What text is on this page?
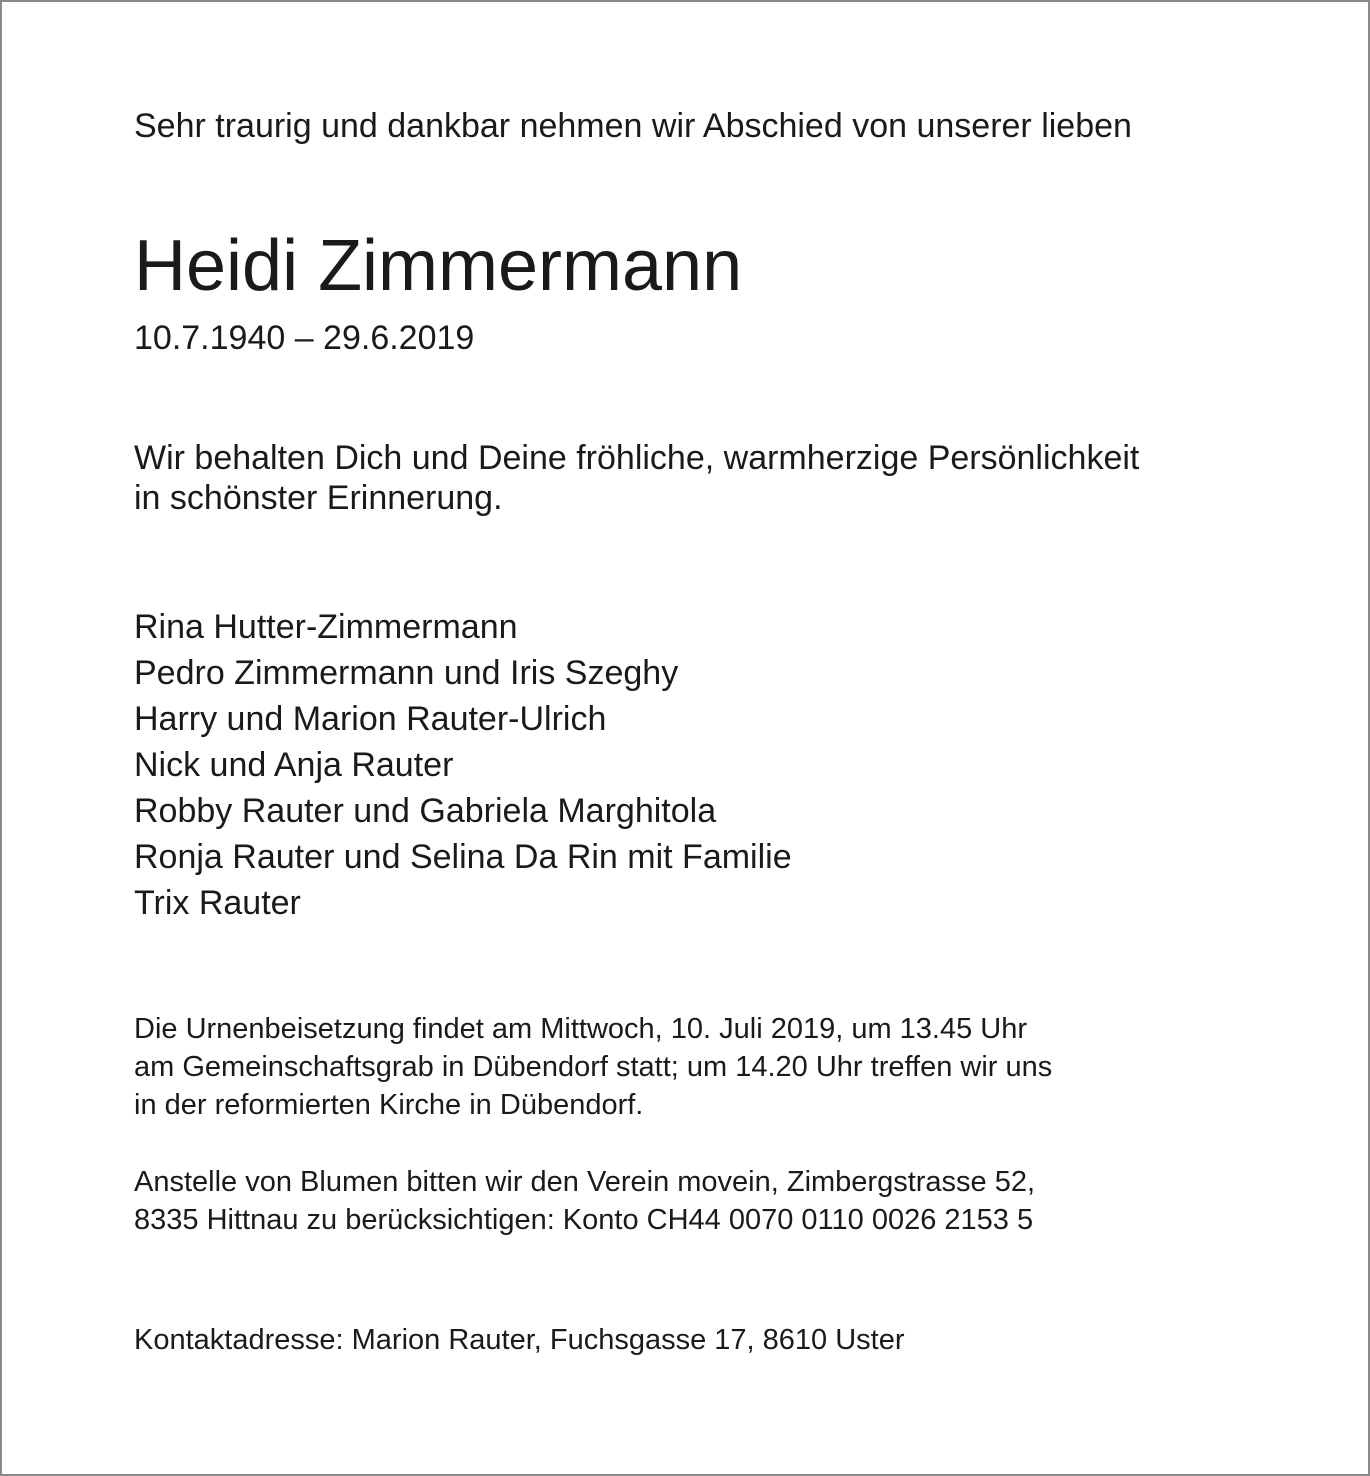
Sehr traurig und dankbar nehmen wir Abschied von unserer lieben
Heidi Zimmermann
10.7.1940 – 29.6.2019
Wir behalten Dich und Deine fröhliche, warmherzige Persönlichkeit
in schönster Erinnerung.
Rina Hutter-Zimmermann
Pedro Zimmermann und Iris Szeghy
Harry und Marion Rauter-Ulrich
Nick und Anja Rauter
Robby Rauter und Gabriela Marghitola
Ronja Rauter und Selina Da Rin mit Familie
Trix Rauter
Die Urnenbeisetzung findet am Mittwoch, 10. Juli 2019, um 13.45 Uhr
am Gemeinschaftsgrab in Dübendorf statt; um 14.20 Uhr treffen wir uns
in der reformierten Kirche in Dübendorf.
Anstelle von Blumen bitten wir den Verein movein, Zimbergstrasse 52,
8335 Hittnau zu berücksichtigen: Konto CH44 0070 0110 0026 2153 5
Kontaktadresse: Marion Rauter, Fuchsgasse 17, 8610 Uster
